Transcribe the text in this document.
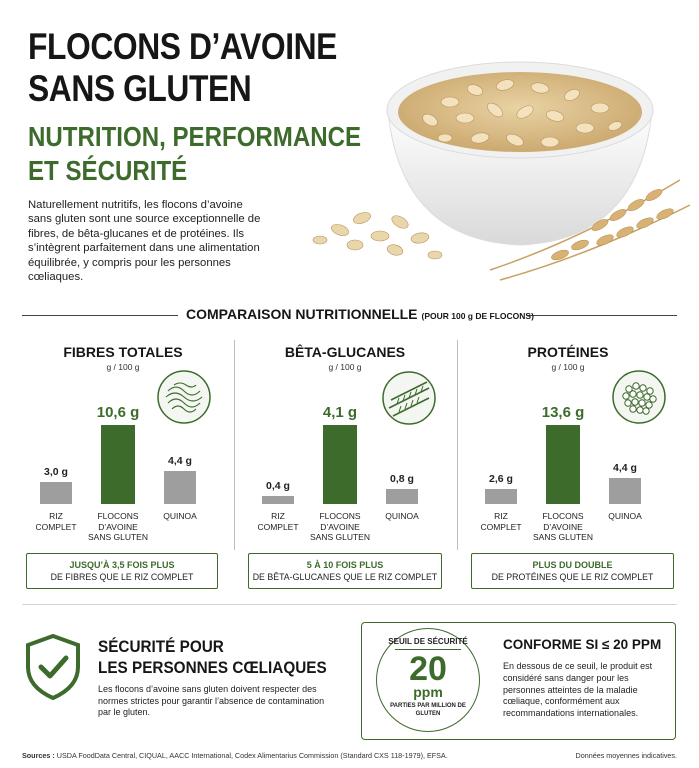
FLOCONS D’AVOINE
SANS GLUTEN
NUTRITION, PERFORMANCE
ET SÉCURITÉ
Naturellement nutritifs, les flocons d’avoine sans gluten sont une source exceptionnelle de fibres, de bêta-glucanes et de protéines. Ils s’intègrent parfaitement dans une alimentation équilibrée, y compris pour les personnes cœliaques.
COMPARAISON NUTRITIONNELLE (POUR 100 g DE FLOCONS)
FIBRES TOTALES
g / 100 g
3,0 g
RIZ
COMPLET
10,6 g
FLOCONS
D’AVOINE
SANS GLUTEN
4,4 g
QUINOA
BÊTA-GLUCANES
g / 100 g
0,4 g
RIZ
COMPLET
4,1 g
FLOCONS
D’AVOINE
SANS GLUTEN
0,8 g
QUINOA
PROTÉINES
g / 100 g
2,6 g
RIZ
COMPLET
13,6 g
FLOCONS
D’AVOINE
SANS GLUTEN
4,4 g
QUINOA
JUSQU’À 3,5 FOIS PLUS
DE FIBRES QUE LE RIZ COMPLET
5 À 10 FOIS PLUS
DE BÊTA-GLUCANES QUE LE RIZ COMPLET
PLUS DU DOUBLE
DE PROTÉINES QUE LE RIZ COMPLET
SÉCURITÉ POUR
LES PERSONNES CŒLIAQUES
Les flocons d’avoine sans gluten doivent respecter des normes strictes pour garantir l’absence de contamination par le gluten.
SEUIL DE SÉCURITÉ
20
ppm
PARTIES PAR MILLION DE GLUTEN
CONFORME SI ≤ 20 PPM
En dessous de ce seuil, le produit est considéré sans danger pour les personnes atteintes de la maladie cœliaque, conformément aux recommandations internationales.
Sources : USDA FoodData Central, CIQUAL, AACC International, Codex Alimentarius Commission (Standard CXS 118-1979), EFSA.	Données moyennes indicatives.
